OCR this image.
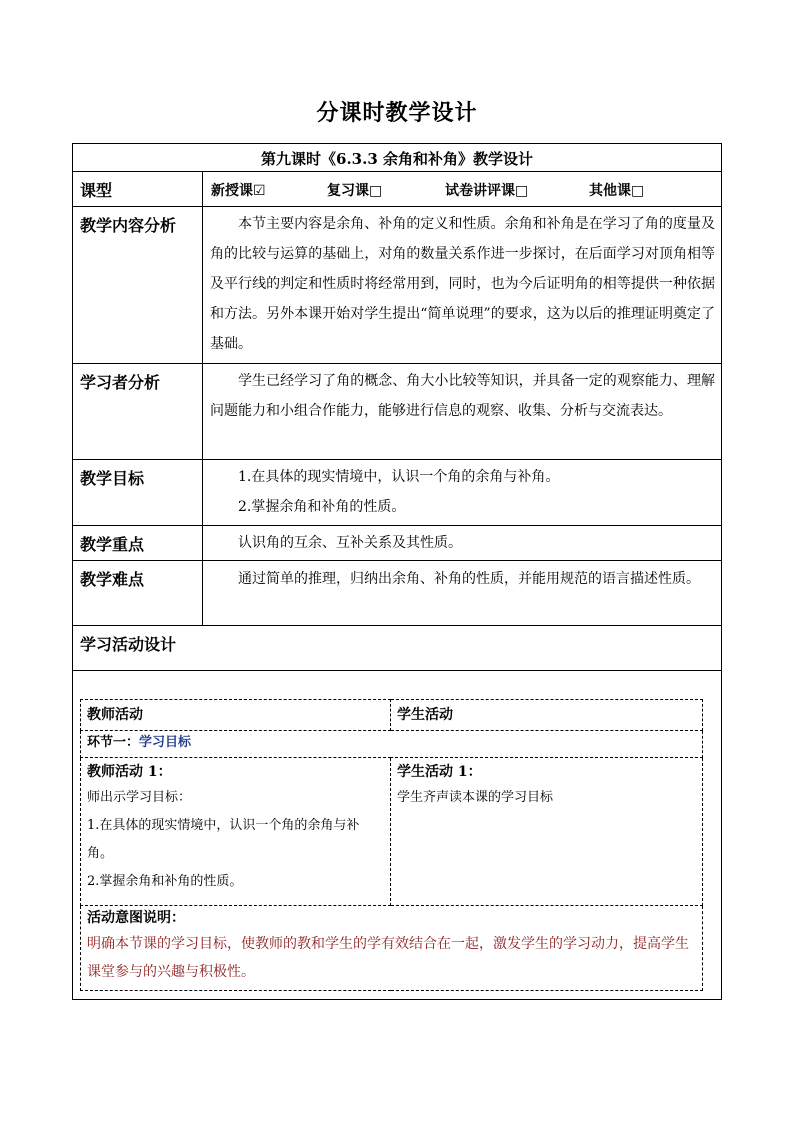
分课时教学设计
第九课时《6.3.3 余角和补角》教学设计
课型	新授课☑	复习课□	试卷讲评课□	其他课□

教学内容分析	本节主要内容是余角、补角的定义和性质。余角和补角是在学习了角的度量及角的比较与运算的基础上，对角的数量关系作进一步探讨，在后面学习对顶角相等及平行线的判定和性质时将经常用到，同时，也为今后证明角的相等提供一种依据和方法。另外本课开始对学生提出“简单说理”的要求，这为以后的推理证明奠定了基础。

学习者分析	学生已经学习了角的概念、角大小比较等知识，并具备一定的观察能力、理解问题能力和小组合作能力，能够进行信息的观察、收集、分析与交流表达。

教学目标	1.在具体的现实情境中，认识一个角的余角与补角。
2.掌握余角和补角的性质。

教学重点	认识角的互余、互补关系及其性质。

教学难点	通过简单的推理，归纳出余角、补角的性质，并能用规范的语言描述性质。

学习活动设计

教师活动	学生活动
环节一：学习目标

教师活动 1：
师出示学习目标：
1.在具体的现实情境中，认识一个角的余角与补角。
2.掌握余角和补角的性质。

学生活动 1：
学生齐声读本课的学习目标

活动意图说明：
明确本节课的学习目标，使教师的教和学生的学有效结合在一起，激发学生的学习动力，提高学生课堂参与的兴趣与积极性。
